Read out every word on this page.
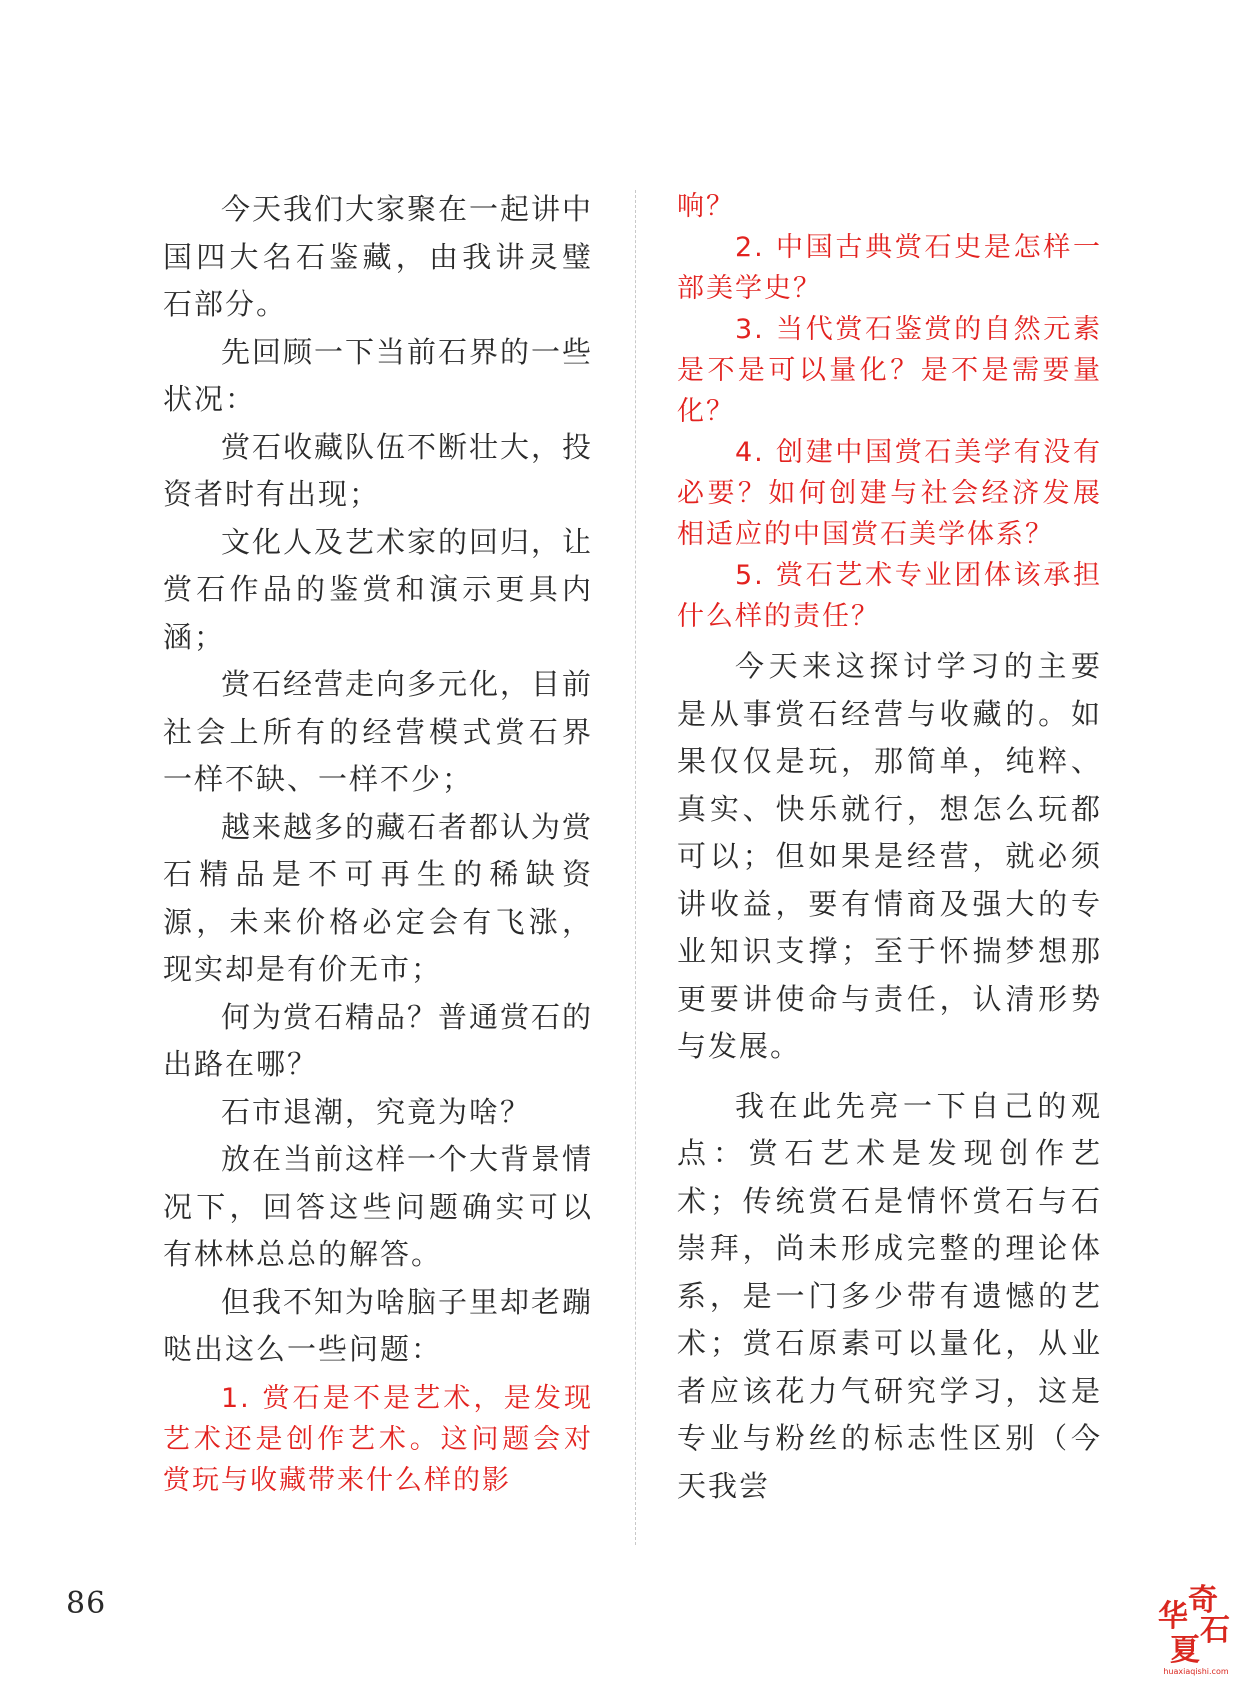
今天我们大家聚在一起讲中国四大名石鉴藏，由我讲灵璧石部分。

先回顾一下当前石界的一些状况：

赏石收藏队伍不断壮大，投资者时有出现；

文化人及艺术家的回归，让赏石作品的鉴赏和演示更具内涵；

赏石经营走向多元化，目前社会上所有的经营模式赏石界一样不缺、一样不少；

越来越多的藏石者都认为赏石精品是不可再生的稀缺资源，未来价格必定会有飞涨，现实却是有价无市；

何为赏石精品？普通赏石的出路在哪？

石市退潮，究竟为啥？

放在当前这样一个大背景情况下，回答这些问题确实可以有林林总总的解答。

但我不知为啥脑子里却老蹦哒出这么一些问题：

1. 赏石是不是艺术，是发现艺术还是创作艺术。这问题会对赏玩与收藏带来什么样的影

响？

2. 中国古典赏石史是怎样一部美学史？

3. 当代赏石鉴赏的自然元素是不是可以量化？是不是需要量化？

4. 创建中国赏石美学有没有必要？如何创建与社会经济发展相适应的中国赏石美学体系？

5. 赏石艺术专业团体该承担什么样的责任？

今天来这探讨学习的主要是从事赏石经营与收藏的。如果仅仅是玩，那简单，纯粹、真实、快乐就行，想怎么玩都可以；但如果是经营，就必须讲收益，要有情商及强大的专业知识支撑；至于怀揣梦想那更要讲使命与责任，认清形势与发展。

我在此先亮一下自己的观点：赏石艺术是发现创作艺术；传统赏石是情怀赏石与石崇拜，尚未形成完整的理论体系，是一门多少带有遗憾的艺术；赏石原素可以量化，从业者应该花力气研究学习，这是专业与粉丝的标志性区别（今天我尝

86	奇
石
华
夏
huaxiaqishi.com
